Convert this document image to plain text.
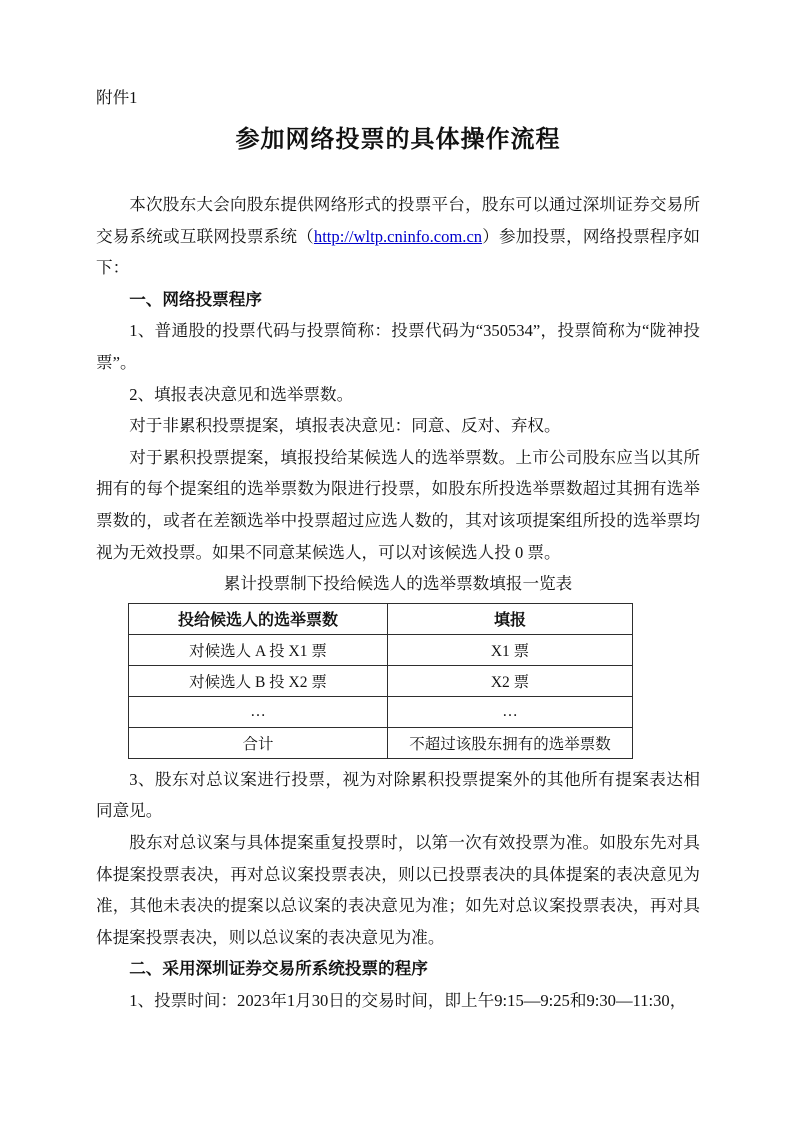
附件1
参加网络投票的具体操作流程

本次股东大会向股东提供网络形式的投票平台，股东可以通过深圳证券交易所交易系统或互联网投票系统（http://wltp.cninfo.com.cn）参加投票，网络投票程序如下：

一、网络投票程序

1、普通股的投票代码与投票简称：投票代码为“350534”，投票简称为“陇神投票”。

2、填报表决意见和选举票数。

对于非累积投票提案，填报表决意见：同意、反对、弃权。

对于累积投票提案，填报投给某候选人的选举票数。上市公司股东应当以其所拥有的每个提案组的选举票数为限进行投票，如股东所投选举票数超过其拥有选举票数的，或者在差额选举中投票超过应选人数的，其对该项提案组所投的选举票均视为无效投票。如果不同意某候选人，可以对该候选人投 0 票。

累计投票制下投给候选人的选举票数填报一览表

投给候选人的选举票数	填报
对候选人 A 投 X1 票	X1 票
对候选人 B 投 X2 票	X2 票
…	…
合计	不超过该股东拥有的选举票数

3、股东对总议案进行投票，视为对除累积投票提案外的其他所有提案表达相同意见。

股东对总议案与具体提案重复投票时，以第一次有效投票为准。如股东先对具体提案投票表决，再对总议案投票表决，则以已投票表决的具体提案的表决意见为准，其他未表决的提案以总议案的表决意见为准；如先对总议案投票表决，再对具体提案投票表决，则以总议案的表决意见为准。

二、采用深圳证券交易所系统投票的程序

1、投票时间：2023年1月30日的交易时间，即上午9:15—9:25和9:30—11:30，
